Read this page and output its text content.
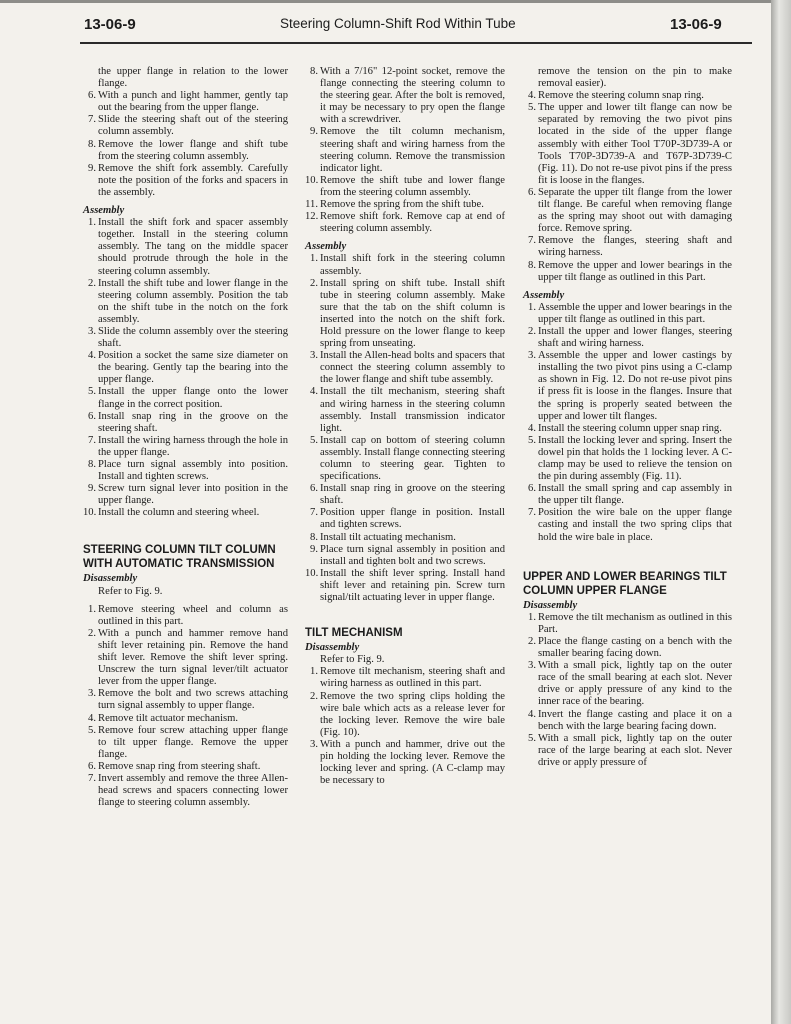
13-06-9	Steering Column-Shift Rod Within Tube	13-06-9
the upper flange in relation to the lower flange.
6. With a punch and light hammer, gently tap out the bearing from the upper flange.
7. Slide the steering shaft out of the steering column assembly.
8. Remove the lower flange and shift tube from the steering column assembly.
9. Remove the shift fork assembly. Carefully note the position of the forks and spacers in the assembly.
Assembly
1. Install the shift fork and spacer assembly together. Install in the steering column assembly. The tang on the middle spacer should protrude through the hole in the steering column assembly.
2. Install the shift tube and lower flange in the steering column assembly. Position the tab on the shift tube in the notch on the fork assembly.
3. Slide the column assembly over the steering shaft.
4. Position a socket the same size diameter on the bearing. Gently tap the bearing into the upper flange.
5. Install the upper flange onto the lower flange in the correct position.
6. Install snap ring in the groove on the steering shaft.
7. Install the wiring harness through the hole in the upper flange.
8. Place turn signal assembly into position. Install and tighten screws.
9. Screw turn signal lever into position in the upper flange.
10. Install the column and steering wheel.
STEERING COLUMN TILT COLUMN WITH AUTOMATIC TRANSMISSION
Disassembly
Refer to Fig. 9.
1. Remove steering wheel and column as outlined in this part.
2. With a punch and hammer remove hand shift lever retaining pin. Remove the hand shift lever. Remove the shift lever spring. Unscrew the turn signal lever/tilt actuator lever from the upper flange.
3. Remove the bolt and two screws attaching turn signal assembly to upper flange.
4. Remove tilt actuator mechanism.
5. Remove four screw attaching upper flange to tilt upper flange. Remove the upper flange.
6. Remove snap ring from steering shaft.
7. Invert assembly and remove the three Allen-head screws and spacers connecting lower flange to steering column assembly.
8. With a 7/16" 12-point socket, remove the flange connecting the steering column to the steering gear. After the bolt is removed, it may be necessary to pry open the flange with a screwdriver.
9. Remove the tilt column mechanism, steering shaft and wiring harness from the steering column. Remove the transmission indicator light.
10. Remove the shift tube and lower flange from the steering column assembly.
11. Remove the spring from the shift tube.
12. Remove shift fork. Remove cap at end of steering column assembly.
Assembly
1. Install shift fork in the steering column assembly.
2. Install spring on shift tube. Install shift tube in steering column assembly. Make sure that the tab on the shift column is inserted into the notch on the shift fork. Hold pressure on the lower flange to keep spring from unseating.
3. Install the Allen-head bolts and spacers that connect the steering column assembly to the lower flange and shift tube assembly.
4. Install the tilt mechanism, steering shaft and wiring harness in the steering column assembly. Install transmission indicator light.
5. Install cap on bottom of steering column assembly. Install flange connecting steering column to steering gear. Tighten to specifications.
6. Install snap ring in groove on the steering shaft.
7. Position upper flange in position. Install and tighten screws.
8. Install tilt actuating mechanism.
9. Place turn signal assembly in position and install and tighten bolt and two screws.
10. Install the shift lever spring. Install hand shift lever and retaining pin. Screw turn signal/tilt actuating lever in upper flange.
TILT MECHANISM
Disassembly
Refer to Fig. 9.
1. Remove tilt mechanism, steering shaft and wiring harness as outlined in this part.
2. Remove the two spring clips holding the wire bale which acts as a release lever for the locking lever. Remove the wire bale (Fig. 10).
3. With a punch and hammer, drive out the pin holding the locking lever. Remove the locking lever and spring. (A C-clamp may be necessary to
remove the tension on the pin to make removal easier).
4. Remove the steering column snap ring.
5. The upper and lower tilt flange can now be separated by removing the two pivot pins located in the side of the upper flange assembly with either Tool T70P-3D739-A or Tools T70P-3D739-A and T67P-3D739-C (Fig. 11). Do not re-use pivot pins if the press fit is loose in the flanges.
6. Separate the upper tilt flange from the lower tilt flange. Be careful when removing flange as the spring may shoot out with damaging force. Remove spring.
7. Remove the flanges, steering shaft and wiring harness.
8. Remove the upper and lower bearings in the upper tilt flange as outlined in this Part.
Assembly
1. Assemble the upper and lower bearings in the upper tilt flange as outlined in this part.
2. Install the upper and lower flanges, steering shaft and wiring harness.
3. Assemble the upper and lower castings by installing the two pivot pins using a C-clamp as shown in Fig. 12. Do not re-use pivot pins if press fit is loose in the flanges. Insure that the spring is properly seated between the upper and lower tilt flanges.
4. Install the steering column upper snap ring.
5. Install the locking lever and spring. Insert the dowel pin that holds the 1 locking lever. A C-clamp may be used to relieve the tension on the pin during assembly (Fig. 11).
6. Install the small spring and cap assembly in the upper tilt flange.
7. Position the wire bale on the upper flange casting and install the two spring clips that hold the wire bale in place.
UPPER AND LOWER BEARINGS TILT COLUMN UPPER FLANGE
Disassembly
1. Remove the tilt mechanism as outlined in this Part.
2. Place the flange casting on a bench with the smaller bearing facing down.
3. With a small pick, lightly tap on the outer race of the small bearing at each slot. Never drive or apply pressure of any kind to the inner race of the bearing.
4. Invert the flange casting and place it on a bench with the large bearing facing down.
5. With a small pick, lightly tap on the outer race of the large bearing at each slot. Never drive or apply pressure of
